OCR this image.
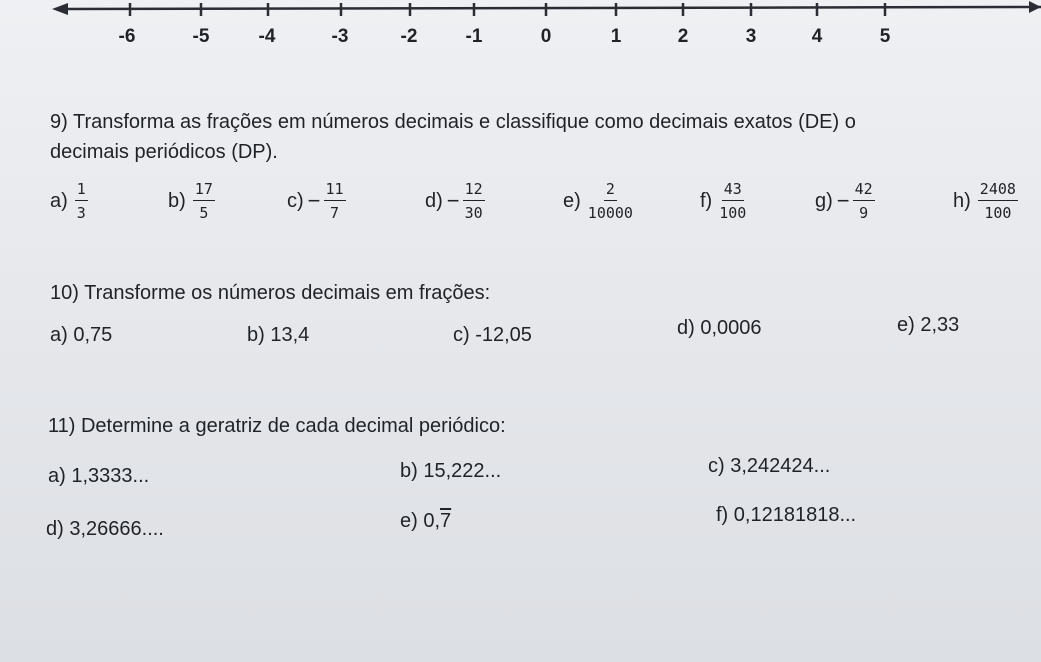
-6	-5	-4	-3	-2	-1	0	1	2	3	4	5
9) Transforma as frações em números decimais e classifique como decimais exatos (DE) o
decimais periódicos (DP).
$a) \frac{1}{3}$	$b) \frac{17}{5}$	$c) - \frac{11}{7}$	$d) - \frac{12}{30}$	$e) \frac{2}{10000}$	$f) \frac{43}{100}$	$g) - \frac{42}{9}$	$h) \frac{2408}{100}$
10) Transforme os números decimais em frações:
a) 0,75	b) 13,4	c) -12,05	d) 0,0006	e) 2,33
11) Determine a geratriz de cada decimal periódico:
a) 1,3333...	b) 15,222...	c) 3,242424...
d) 3,26666....	e) 0,7	f) 0,12181818...
